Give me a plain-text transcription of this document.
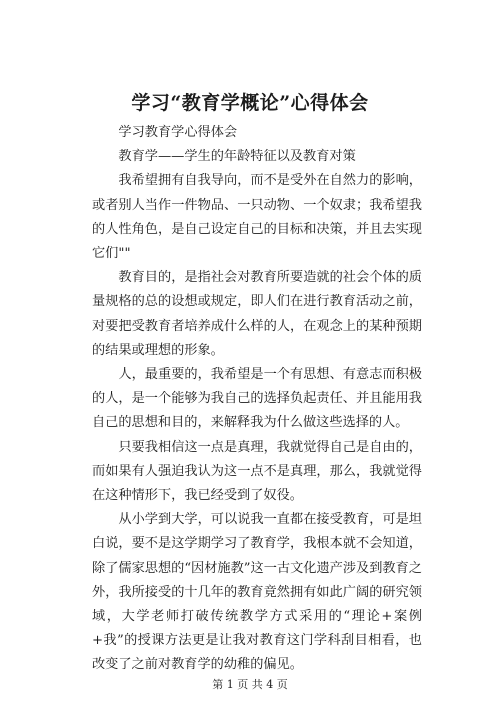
学习“教育学概论”心得体会

学习教育学心得体会

教育学——学生的年龄特征以及教育对策

我希望拥有自我导向，而不是受外在自然力的影响，或者别人当作一件物品、一只动物、一个奴隶；我希望我的人性角色，是自己设定自己的目标和决策，并且去实现它们""

教育目的，是指社会对教育所要造就的社会个体的质量规格的总的设想或规定，即人们在进行教育活动之前，对要把受教育者培养成什么样的人，在观念上的某种预期的结果或理想的形象。

人，最重要的，我希望是一个有思想、有意志而积极的人，是一个能够为我自己的选择负起责任、并且能用我自己的思想和目的，来解释我为什么做这些选择的人。

只要我相信这一点是真理，我就觉得自己是自由的，而如果有人强迫我认为这一点不是真理，那么，我就觉得在这种情形下，我已经受到了奴役。

从小学到大学，可以说我一直都在接受教育，可是坦白说，要不是这学期学习了教育学，我根本就不会知道，除了儒家思想的“因材施教”这一古文化遗产涉及到教育之外，我所接受的十几年的教育竟然拥有如此广阔的研究领域，大学老师打破传统教学方式采用的“理论+案例+我”的授课方法更是让我对教育这门学科刮目相看，也改变了之前对教育学的幼稚的偏见。

第 1 页 共 4 页
